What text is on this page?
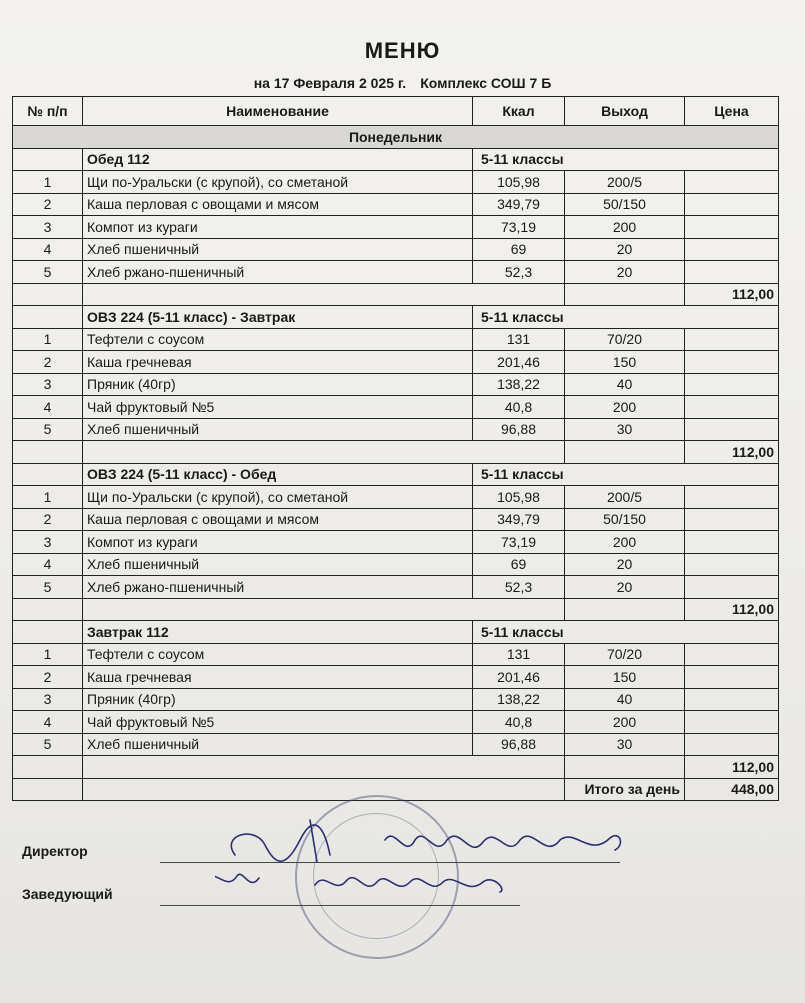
МЕНЮ
на 17 Февраля 2 025 г. Комплекс СОШ 7 Б
№ п/п	Наименование	Ккал	Выход	Цена
Понедельник				
	Обед 112	5-11 классы		
1	Щи по-Уральски (с крупой), со сметаной	105,98	200/5	
2	Каша перловая с овощами и мясом	349,79	50/150	
3	Компот из кураги	73,19	200	
4	Хлеб пшеничный	69	20	
5	Хлеб ржано-пшеничный	52,3	20	
				112,00
	ОВЗ 224 (5-11 класс) - Завтрак	5-11 классы		
1	Тефтели с соусом	131	70/20	
2	Каша гречневая	201,46	150	
3	Пряник (40гр)	138,22	40	
4	Чай фруктовый №5	40,8	200	
5	Хлеб пшеничный	96,88	30	
				112,00
	ОВЗ 224 (5-11 класс) - Обед	5-11 классы		
1	Щи по-Уральски (с крупой), со сметаной	105,98	200/5	
2	Каша перловая с овощами и мясом	349,79	50/150	
3	Компот из кураги	73,19	200	
4	Хлеб пшеничный	69	20	
5	Хлеб ржано-пшеничный	52,3	20	
				112,00
	Завтрак 112	5-11 классы		
1	Тефтели с соусом	131	70/20	
2	Каша гречневая	201,46	150	
3	Пряник (40гр)	138,22	40	
4	Чай фруктовый №5	40,8	200	
5	Хлеб пшеничный	96,88	30	
				112,00
			Итого за день	448,00
Директор
Заведующий
